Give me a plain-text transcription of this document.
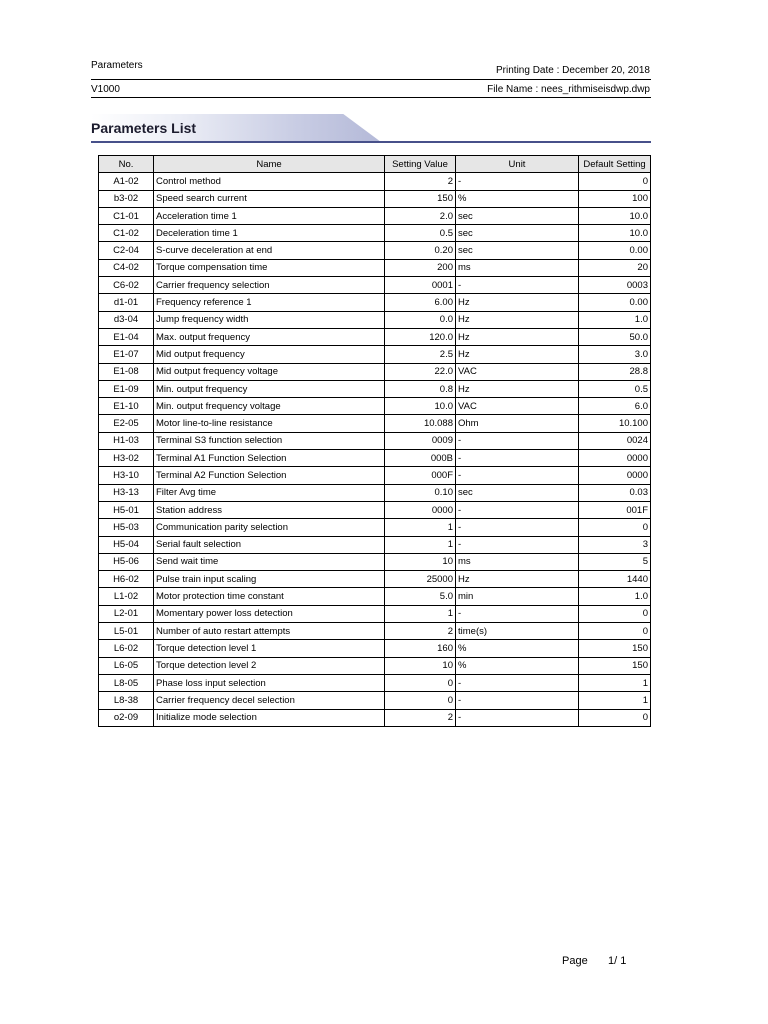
Parameters	Printing Date : December 20, 2018
V1000	File Name : nees_rithmiseisdwp.dwp
Parameters List
No.	Name	Setting Value	Unit	Default Setting
A1-02	Control method	2	-	0
b3-02	Speed search current	150	%	100
C1-01	Acceleration time 1	2.0	sec	10.0
C1-02	Deceleration time 1	0.5	sec	10.0
C2-04	S-curve deceleration at end	0.20	sec	0.00
C4-02	Torque compensation time	200	ms	20
C6-02	Carrier frequency selection	0001	-	0003
d1-01	Frequency reference 1	6.00	Hz	0.00
d3-04	Jump frequency width	0.0	Hz	1.0
E1-04	Max. output frequency	120.0	Hz	50.0
E1-07	Mid output frequency	2.5	Hz	3.0
E1-08	Mid output frequency voltage	22.0	VAC	28.8
E1-09	Min. output frequency	0.8	Hz	0.5
E1-10	Min. output frequency voltage	10.0	VAC	6.0
E2-05	Motor line-to-line resistance	10.088	Ohm	10.100
H1-03	Terminal S3 function selection	0009	-	0024
H3-02	Terminal A1 Function Selection	000B	-	0000
H3-10	Terminal A2 Function Selection	000F	-	0000
H3-13	Filter Avg time	0.10	sec	0.03
H5-01	Station address	0000	-	001F
H5-03	Communication parity selection	1	-	0
H5-04	Serial fault selection	1	-	3
H5-06	Send wait time	10	ms	5
H6-02	Pulse train input scaling	25000	Hz	1440
L1-02	Motor protection time constant	5.0	min	1.0
L2-01	Momentary power loss detection	1	-	0
L5-01	Number of auto restart attempts	2	time(s)	0
L6-02	Torque detection level 1	160	%	150
L6-05	Torque detection level 2	10	%	150
L8-05	Phase loss input selection	0	-	1
L8-38	Carrier frequency decel selection	0	-	1
o2-09	Initialize mode selection	2	-	0
Page 1/ 1
